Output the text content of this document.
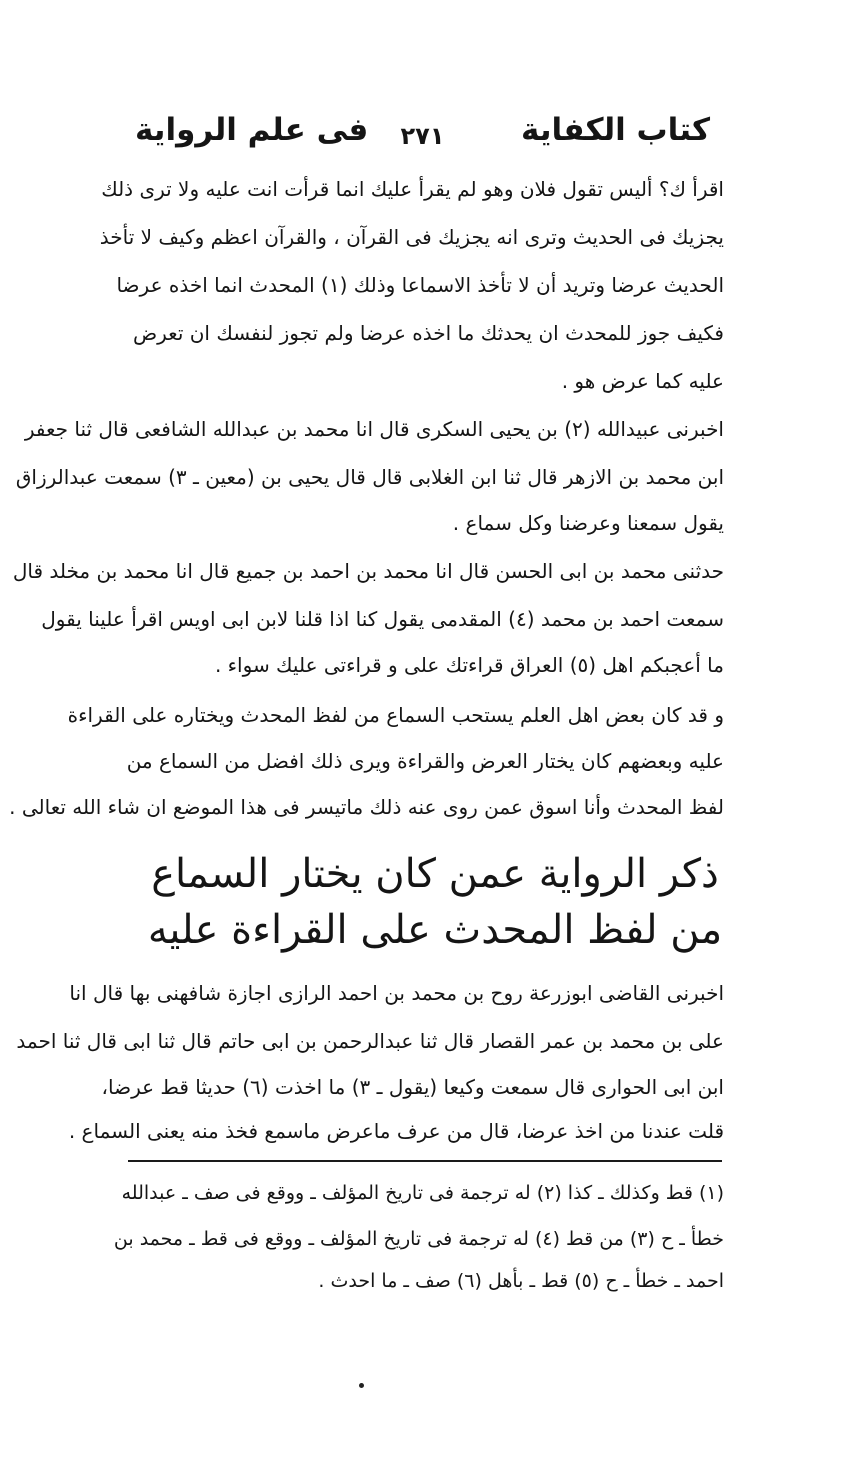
كتاب الكفاية
٢٧١
فى علم الرواية
اقرأ ك؟ أليس تقول فلان وهو لم يقرأ عليك انما قرأت انت عليه ولا ترى ذلك
يجزيك فى الحديث وترى انه يجزيك فى القرآن ، والقرآن اعظم وكيف لا تأخذ
الحديث عرضا وتريد أن لا تأخذ الاسماعا وذلك (١) المحدث انما اخذه عرضا
فكيف جوز للمحدث ان يحدثك ما اخذه عرضا ولم تجوز لنفسك ان تعرض
عليه كما عرض هو .
اخبرنى عبيدالله (٢) بن يحيى السكرى قال انا محمد بن عبدالله الشافعى قال ثنا جعفر
ابن محمد بن الازهر قال ثنا ابن الغلابى قال قال يحيى بن (معين ـ ٣) سمعت عبدالرزاق
يقول سمعنا وعرضنا وكل سماع .
حدثنى محمد بن ابى الحسن قال انا محمد بن احمد بن جميع قال انا محمد بن مخلد قال
سمعت احمد بن محمد (٤) المقدمى يقول كنا اذا قلنا لابن ابى اويس اقرأ علينا يقول
ما أعجبكم اهل (٥) العراق قراءتك على و قراءتى عليك سواء .
و قد كان بعض اهل العلم يستحب السماع من لفظ المحدث ويختاره على القراءة
عليه وبعضهم كان يختار العرض والقراءة ويرى ذلك افضل من السماع من
لفظ المحدث وأنا اسوق عمن روى عنه ذلك ماتيسر فى هذا الموضع ان شاء الله تعالى .
ذكر الرواية عمن كان يختار السماع
من لفظ المحدث على القراءة عليه
اخبرنى القاضى ابوزرعة روح بن محمد بن احمد الرازى اجازة شافهنى بها قال انا
على بن محمد بن عمر القصار قال ثنا عبدالرحمن بن ابى حاتم قال ثنا ابى قال ثنا احمد
ابن ابى الحوارى قال سمعت وكيعا (يقول ـ ٣) ما اخذت (٦) حديثا قط عرضا،
قلت عندنا من اخذ عرضا، قال من عرف ماعرض ماسمع فخذ منه يعنى السماع .
(١) قط وكذلك ـ كذا (٢) له ترجمة فى تاريخ المؤلف ـ ووقع فى صف ـ عبدالله
خطأ ـ ح (٣) من قط (٤) له ترجمة فى تاريخ المؤلف ـ ووقع فى قط ـ محمد بن
احمد ـ خطأ ـ ح (٥) قط ـ بأهل (٦) صف ـ ما احدث .
